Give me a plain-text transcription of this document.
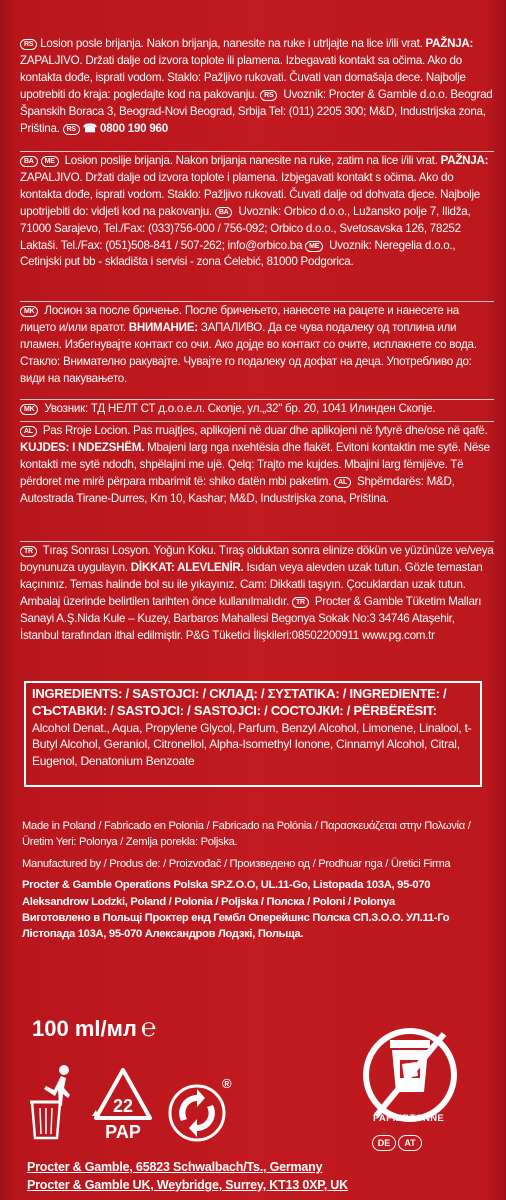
RS Losion posle brijanja. Nakon brijanja, nanesite na ruke i utrljajte na lice i/ili vrat. PAŽNJA: ZAPALJIVO. Držati dalje od izvora toplote ili plamena. Izbegavati kontakt sa očima. Ako do kontakta dođe, isprati vodom. Staklo: Pažljivo rukovati. Čuvati van domašaja dece. Najbolje upotrebiti do kraja: pogledajte kod na pakovanju. RS Uvoznik: Procter & Gamble d.o.o. Beograd Španskih Boraca 3, Beograd-Novi Beograd, Srbija Tel: (011) 2205 300; M&D, Industrijska zona, Priština. RS ☎ 0800 190 960
BA ME Losion poslije brijanja. Nakon brijanja nanesite na ruke, zatim na lice i/ili vrat. PAŽNJA: ZAPALJIVO. Držati dalje od izvora toplote i plamena. Izbjegavati kontakt s očima. Ako do kontakta dođe, isprati vodom. Staklo: Pažljivo rukovati. Čuvati dalje od dohvata djece. Najbolje upotrijebiti do: vidjeti kod na pakovanju. BA Uvoznik: Orbico d.o.o., Lužansko polje 7, Ilidža, 71000 Sarajevo, Tel./Fax: (033)756-000 / 756-092; Orbico d.o.o., Svetosavska 126, 78252 Laktaši. Tel./Fax: (051)508-841 / 507-262; info@orbico.ba ME Uvoznik: Neregelia d.o.o., Cetinjski put bb - skladišta i servisi - zona Ćelebić, 81000 Podgorica.
MK Лосион за после бричење. После бричењето, нанесете на рацете и нанесете на лицето и/или вратот. ВНИМАНИЕ: ЗАПАЛИВО. Да се чува подалеку од топлина или пламен. Избегнувајте контакт со очи. Ако дојде во контакт со очите, исплакнете со вода. Стакло: Внимателно ракувајте. Чувајте го подалеку од дофат на деца. Употребливо до: види на пакувањето.
MK Увозник: ТД НЕЛТ СТ д.о.о.е.л. Скопје, ул.„32" бр. 20, 1041 Илинден Скопје.
AL Pas Rroje Locion. Pas rruajtjes, aplikojeni në duar dhe aplikojeni në fytyrë dhe/ose në qafë. KUJDES: I NDEZSHËM. Mbajeni larg nga nxehtësia dhe flakët. Evitoni kontaktin me sytë. Nëse kontakti me sytë ndodh, shpëlajini me ujë. Qelq: Trajto me kujdes. Mbajini larg fëmijëve. Të përdoret me mirë përpara mbarimit të: shiko datën mbi paketim. AL Shpërndarës: M&D, Autostrada Tirane-Durres, Km 10, Kashar; M&D, Industrijska zona, Priština.
TR Tıraş Sonrası Losyon. Yoğun Koku. Tıraş olduktan sonra elinize dökün ve yüzünüze ve/veya boynunuza uygulayın. DİKKAT: ALEVLENİR. Isıdan veya alevden uzak tutun. Gözle temastan kaçınınız. Temas halinde bol su ile yıkayınız. Cam: Dikkatli taşıyın. Çocuklardan uzak tutun. Ambalaj üzerinde belirtilen tarihten önce kullanılmalıdır. TR Procter & Gamble Tüketim Malları Sanayi A.Ş.Nida Kule – Kuzey, Barbaros Mahallesi Begonya Sokak No:3 34746 Ataşehir, İstanbul tarafından ithal edilmiştir. P&G Tüketici İlişkileri:08502200911 www.pg.com.tr
INGREDIENTS: / SASTOJCI: / СКЛАД: / ΣΥΣΤΑΤΙΚΑ: / INGREDIENTE: / СЪСТАВКИ: / SASTOJCI: / SASTOJCI: / СОСТОЈКИ: / PËRBËRËSIT: Alcohol Denat., Aqua, Propylene Glycol, Parfum, Benzyl Alcohol, Limonene, Linalool, t-Butyl Alcohol, Geraniol, Citronellol, Alpha-Isomethyl Ionone, Cinnamyl Alcohol, Citral, Eugenol, Denatonium Benzoate
Made in Poland / Fabricado en Polonia / Fabricado na Polónia / Παρασκευάζεται στην Πολωνία / Üretim Yeri: Polonya / Zemlja porekla: Poljska.
Manufactured by / Produs de: / Proizvođač / Произведено од / Prodhuar nga / Üretici Firma
Procter & Gamble Operations Polska SP.Z.O.O, UL.11-Go, Listopada 103A, 95-070 Aleksandrow Lodzki, Poland / Polonia / Poljska / Полска / Poloni / Polonya
Виготовлено в Польщі Проктер енд Гембл Оперейшнс Полска СП.З.О.О. УЛ.11-Го Лістопада 103А, 95-070 Александров Лодзкі, Польща.
100 ml/мл ℮
22
PAP
®
PAPIERTONNE
DE	AT
Procter & Gamble, 65823 Schwalbach/Ts., Germany
Procter & Gamble UK, Weybridge, Surrey, KT13 0XP, UK
